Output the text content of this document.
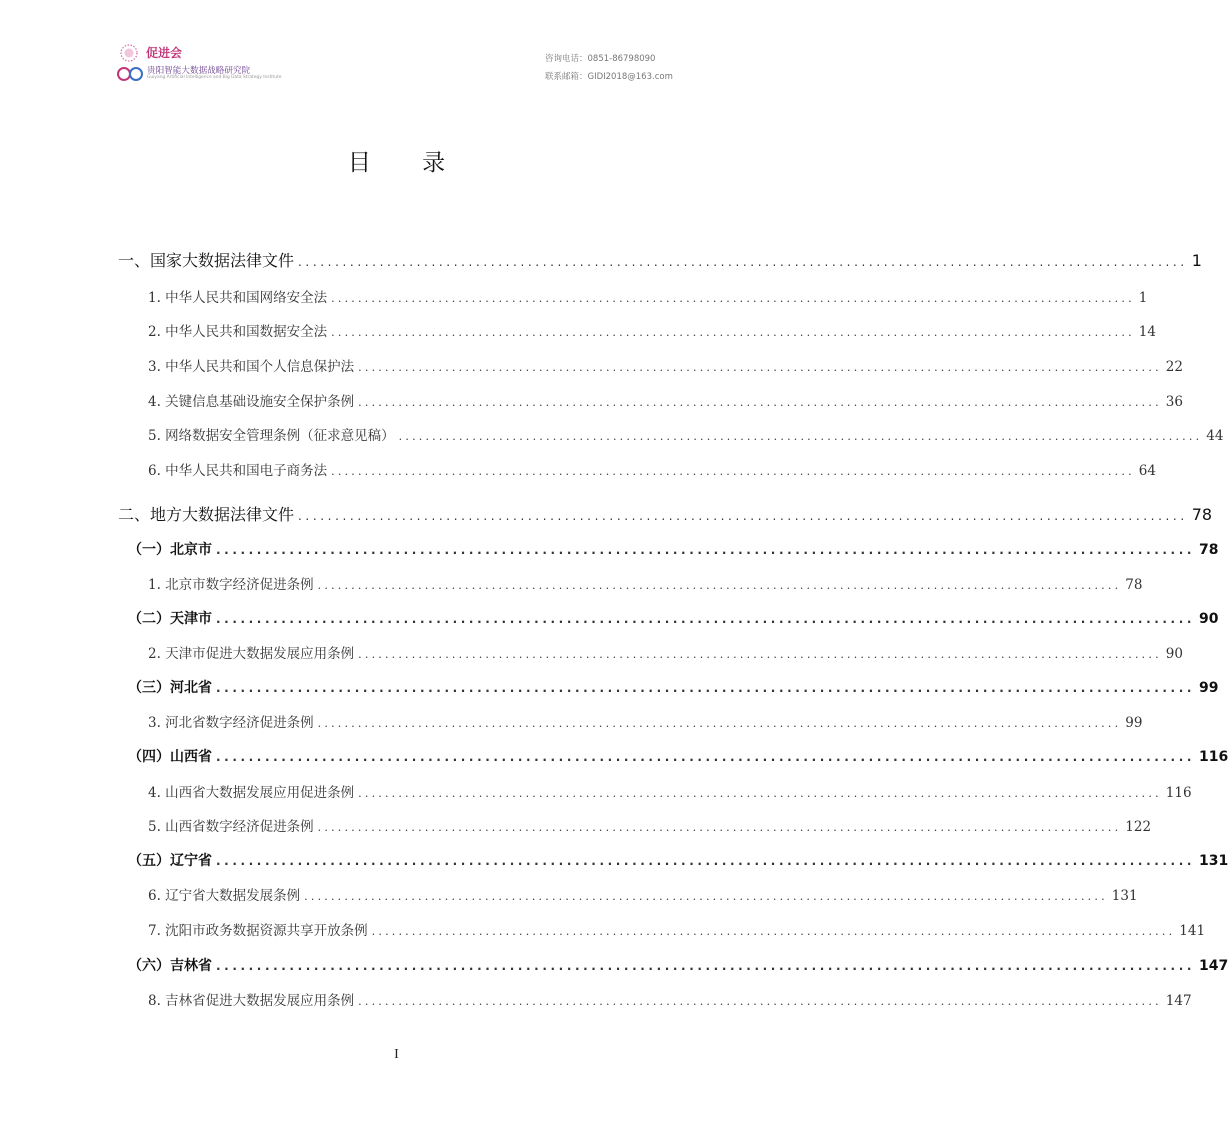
促进会
贵阳智能大数据战略研究院
Guiyang Artificial Intelligence and Big Data Strategy Institute
咨询电话：0851-86798090
联系邮箱：GIDI2018@163.com
目 录
一、国家大数据法律文件 ........................................................................................................................ 1
1. 中华人民共和国网络安全法 ........................................................................................................................ 1
2. 中华人民共和国数据安全法 ........................................................................................................................ 14
3. 中华人民共和国个人信息保护法 ........................................................................................................................ 22
4. 关键信息基础设施安全保护条例 ........................................................................................................................ 36
5. 网络数据安全管理条例（征求意见稿） ........................................................................................................................ 44
6. 中华人民共和国电子商务法 ........................................................................................................................ 64
二、地方大数据法律文件 ........................................................................................................................ 78
（一）北京市 ........................................................................................................................ 78
1. 北京市数字经济促进条例 ........................................................................................................................ 78
（二）天津市 ........................................................................................................................ 90
2. 天津市促进大数据发展应用条例 ........................................................................................................................ 90
（三）河北省 ........................................................................................................................ 99
3. 河北省数字经济促进条例 ........................................................................................................................ 99
（四）山西省 ........................................................................................................................ 116
4. 山西省大数据发展应用促进条例 ........................................................................................................................ 116
5. 山西省数字经济促进条例 ........................................................................................................................ 122
（五）辽宁省 ........................................................................................................................ 131
6. 辽宁省大数据发展条例 ........................................................................................................................ 131
7. 沈阳市政务数据资源共享开放条例 ........................................................................................................................ 141
（六）吉林省 ........................................................................................................................ 147
8. 吉林省促进大数据发展应用条例 ........................................................................................................................ 147
I
